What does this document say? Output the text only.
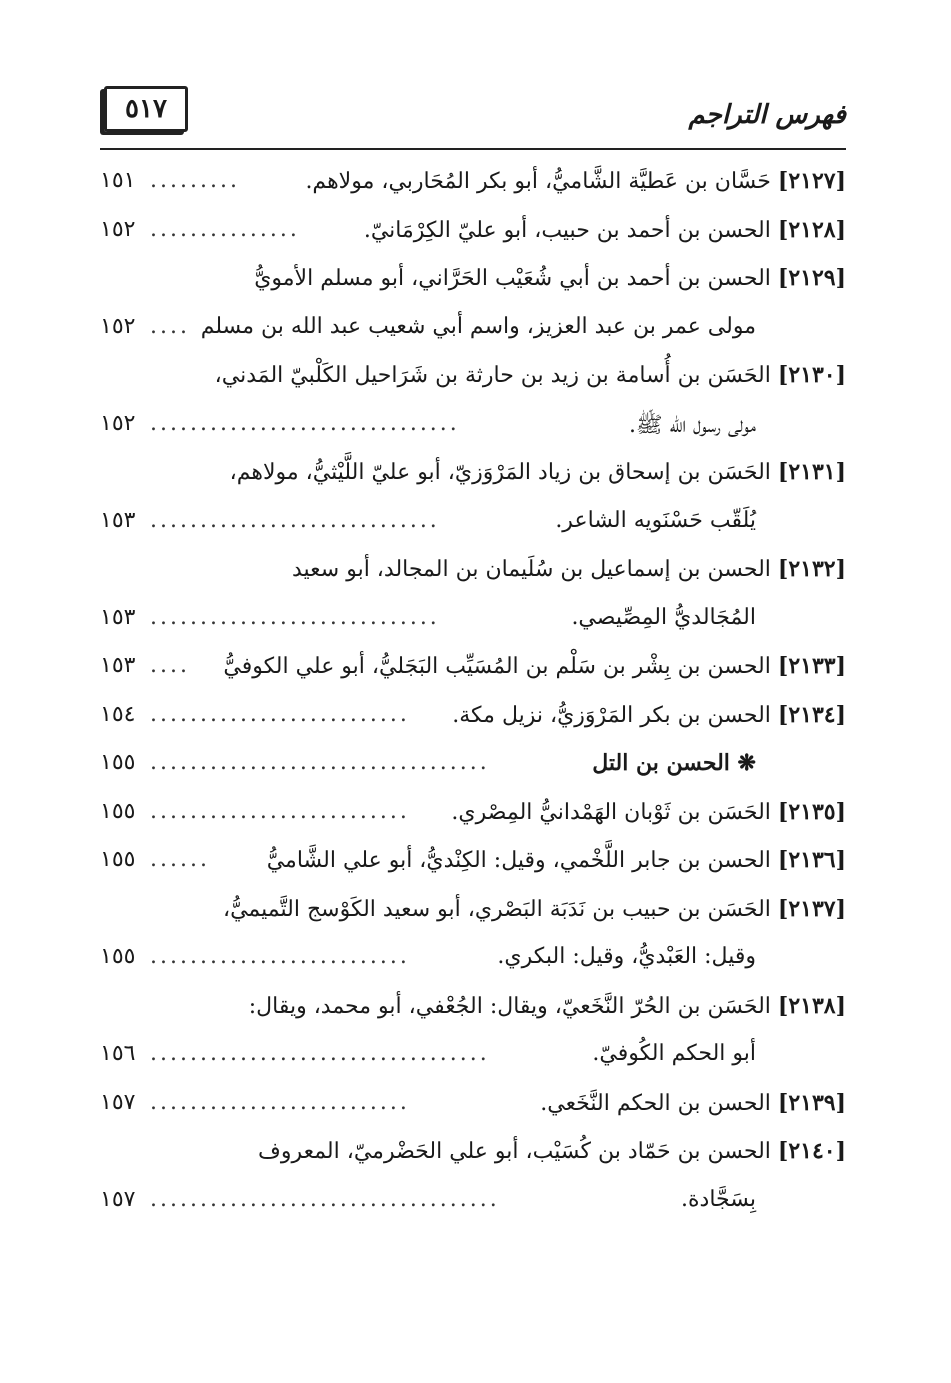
٥١٧	فهرس التراجم
[٢١٢٧] حَسَّان بن عَطيَّة الشَّاميُّ، أبو بكر المُحَاربي، مولاهم.
.........
١٥١
[٢١٢٨] الحسن بن أحمد بن حبيب، أبو عليّ الكِرْمَانيّ.
...............
١٥٢
[٢١٢٩] الحسن بن أحمد بن أبي شُعَيْب الحَرَّاني، أبو مسلم الأمويُّ
مولى عمر بن عبد العزيز، واسم أبي شعيب عبد الله بن مسلم
....
١٥٢
[٢١٣٠] الحَسَن بن أُسامة بن زيد بن حارثة بن شَرَاحيل الكَلْبيّ المَدني،
مولى رسول الله ﷺ.
...............................
١٥٢
[٢١٣١] الحَسَن بن إسحاق بن زياد المَرْوَزيّ، أبو عليّ اللَّيْثيُّ، مولاهم،
يُلَقّب حَسْنَويه الشاعر.
.............................
١٥٣
[٢١٣٢] الحسن بن إسماعيل بن سُلَيمان بن المجالد، أبو سعيد
المُجَالديُّ المِصِّيصي.
.............................
١٥٣
[٢١٣٣] الحسن بن بِشْر بن سَلْم بن المُسَيِّب البَجَليُّ، أبو علي الكوفيُّ
....
١٥٣
[٢١٣٤] الحسن بن بكر المَرْوَزيُّ، نزيل مكة.
..........................
١٥٤
❋ الحسن بن التل
..................................
١٥٥
[٢١٣٥] الحَسَن بن ثَوْبان الهَمْدانيُّ المِصْري.
..........................
١٥٥
[٢١٣٦] الحسن بن جابر اللَّخْمي، وقيل: الكِنْديُّ، أبو علي الشَّاميُّ
......
١٥٥
[٢١٣٧] الحَسَن بن حبيب بن نَدَبَة البَصْري، أبو سعيد الكَوْسج التَّميميُّ،
وقيل: العَبْديُّ، وقيل: البكري.
..........................
١٥٥
[٢١٣٨] الحَسَن بن الحُرّ النَّخَعيّ، ويقال: الجُعْفي، أبو محمد، ويقال:
أبو الحكم الكُوفيّ.
..................................
١٥٦
[٢١٣٩] الحسن بن الحكم النَّخَعي.
..........................
١٥٧
[٢١٤٠] الحسن بن حَمّاد بن كُسَيْب، أبو علي الحَضْرميّ، المعروف
بِسَجَّادة.
...................................
١٥٧
